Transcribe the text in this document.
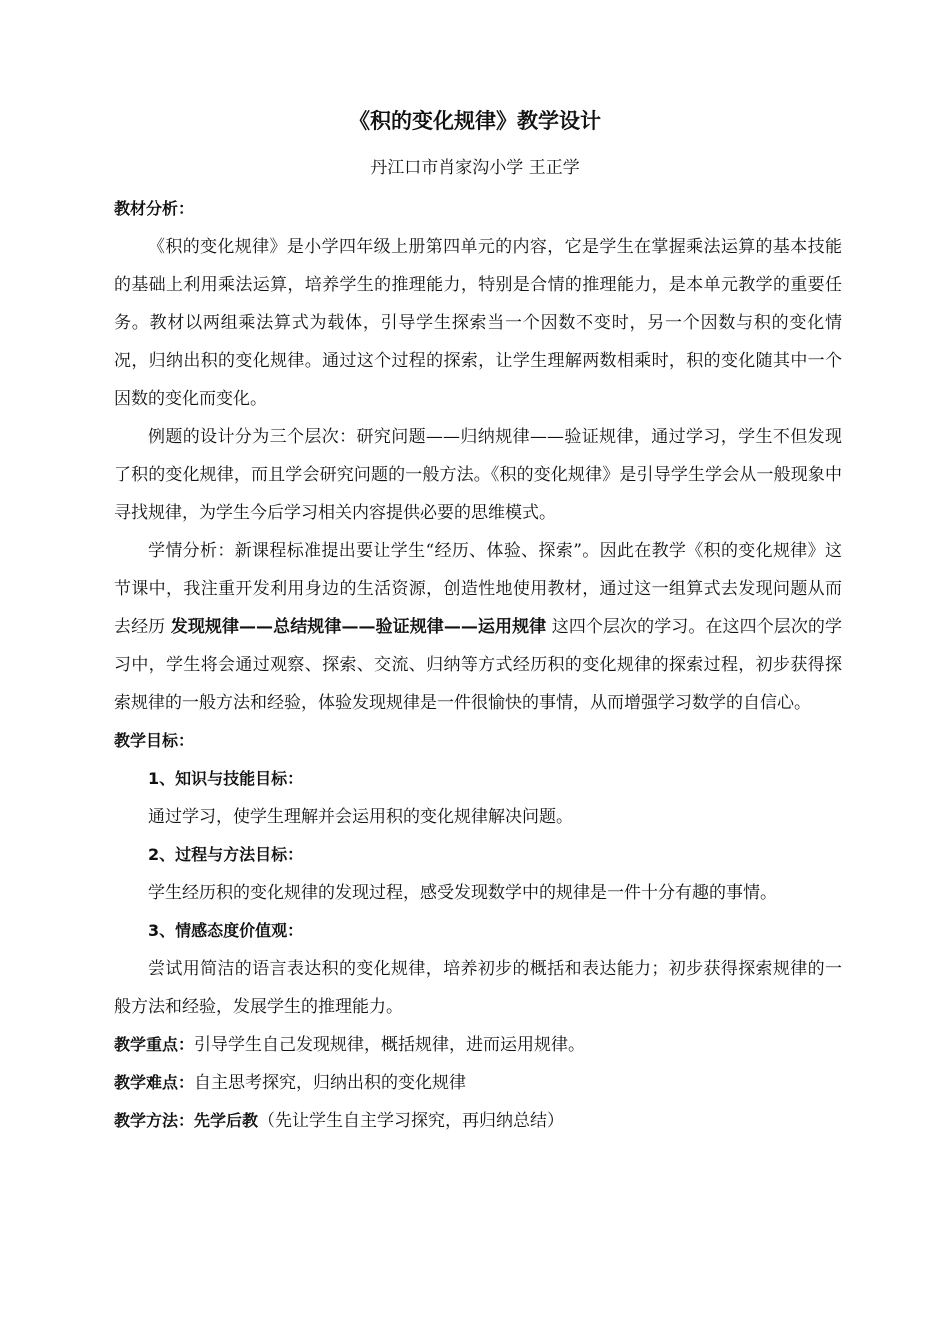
《积的变化规律》教学设计
丹江口市肖家沟小学 王正学

教材分析：

《积的变化规律》是小学四年级上册第四单元的内容，它是学生在掌握乘法运算的基本技能的基础上利用乘法运算，培养学生的推理能力，特别是合情的推理能力，是本单元教学的重要任务。教材以两组乘法算式为载体，引导学生探索当一个因数不变时，另一个因数与积的变化情况，归纳出积的变化规律。通过这个过程的探索，让学生理解两数相乘时，积的变化随其中一个因数的变化而变化。

例题的设计分为三个层次：研究问题——归纳规律——验证规律，通过学习，学生不但发现了积的变化规律，而且学会研究问题的一般方法。《积的变化规律》是引导学生学会从一般现象中寻找规律，为学生今后学习相关内容提供必要的思维模式。

学情分析：新课程标准提出要让学生“经历、体验、探索”。因此在教学《积的变化规律》这节课中，我注重开发利用身边的生活资源，创造性地使用教材，通过这一组算式去发现问题从而去经历 发现规律——总结规律——验证规律——运用规律 这四个层次的学习。在这四个层次的学习中，学生将会通过观察、探索、交流、归纳等方式经历积的变化规律的探索过程，初步获得探索规律的一般方法和经验，体验发现规律是一件很愉快的事情，从而增强学习数学的自信心。

教学目标：

1、知识与技能目标：

通过学习，使学生理解并会运用积的变化规律解决问题。

2、过程与方法目标：

学生经历积的变化规律的发现过程，感受发现数学中的规律是一件十分有趣的事情。

3、情感态度价值观：

尝试用简洁的语言表达积的变化规律，培养初步的概括和表达能力；初步获得探索规律的一般方法和经验，发展学生的推理能力。

教学重点：引导学生自己发现规律，概括规律，进而运用规律。

教学难点：自主思考探究，归纳出积的变化规律

教学方法：先学后教（先让学生自主学习探究，再归纳总结）
